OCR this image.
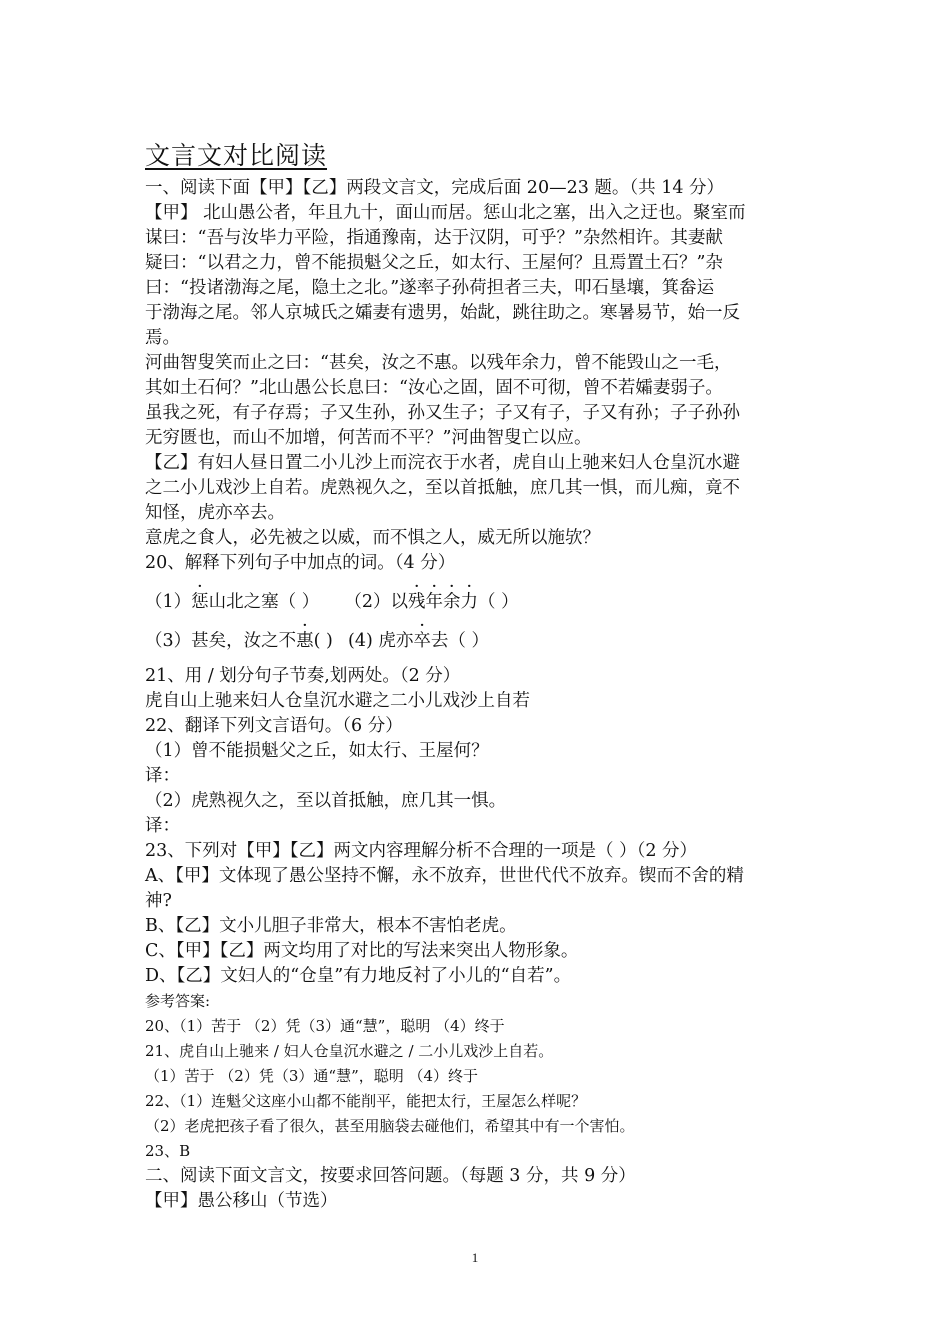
文言文对比阅读
一、阅读下面【甲】【乙】两段文言文，完成后面 20—23 题。（共 14 分）
【甲】 北山愚公者，年且九十，面山而居。惩山北之塞，出入之迂也。聚室而
谋曰：“吾与汝毕力平险，指通豫南，达于汉阴，可乎？”杂然相许。其妻献
疑曰：“以君之力，曾不能损魁父之丘，如太行、王屋何？且焉置土石？”杂
曰：“投诸渤海之尾，隐土之北。”遂率子孙荷担者三夫，叩石垦壤，箕畚运
于渤海之尾。邻人京城氏之孀妻有遗男，始龀，跳往助之。寒暑易节，始一反
焉。
河曲智叟笑而止之曰：“甚矣，汝之不惠。以残年余力，曾不能毁山之一毛，
其如土石何？”北山愚公长息曰：“汝心之固，固不可彻，曾不若孀妻弱子。
虽我之死，有子存焉；子又生孙，孙又生子；子又有子，子又有孙；子子孙孙
无穷匮也，而山不加增，何苦而不平？”河曲智叟亡以应。
【乙】有妇人昼日置二小儿沙上而浣衣于水者，虎自山上驰来妇人仓皇沉水避
之二小儿戏沙上自若。虎熟视久之，至以首抵触，庶几其一惧，而儿痴，竟不
知怪，虎亦卒去。
意虎之食人，必先被之以威，而不惧之人，威无所以施欤？
20、解释下列句子中加点的词。（4 分）
（1）惩山北之塞（ ） （2）以残年余力（ ）
（3）甚矣，汝之不惠( ) (4) 虎亦卒去（ ）
21、用 / 划分句子节奏,划两处。（2 分）
虎自山上驰来妇人仓皇沉水避之二小儿戏沙上自若
22、翻译下列文言语句。（6 分）
（1）曾不能损魁父之丘，如太行、王屋何？
译：
（2）虎熟视久之，至以首抵触，庶几其一惧。
译：
23、下列对【甲】【乙】两文内容理解分析不合理的一项是（ ）（2 分）
A、【甲】文体现了愚公坚持不懈，永不放弃，世世代代不放弃。锲而不舍的精
神?
B、【乙】文小儿胆子非常大，根本不害怕老虎。
C、【甲】【乙】两文均用了对比的写法来突出人物形象。
D、【乙】文妇人的“仓皇”有力地反衬了小儿的“自若”。
参考答案:
20、（1）苦于 （2）凭（3）通“慧”，聪明 （4）终于
21、虎自山上驰来 / 妇人仓皇沉水避之 / 二小儿戏沙上自若。
（1）苦于 （2）凭（3）通“慧”，聪明 （4）终于
22、（1）连魁父这座小山都不能削平，能把太行，王屋怎么样呢？
（2）老虎把孩子看了很久，甚至用脑袋去碰他们，希望其中有一个害怕。
23、B
二、阅读下面文言文，按要求回答问题。（每题 3 分，共 9 分）
【甲】愚公移山（节选）
1
